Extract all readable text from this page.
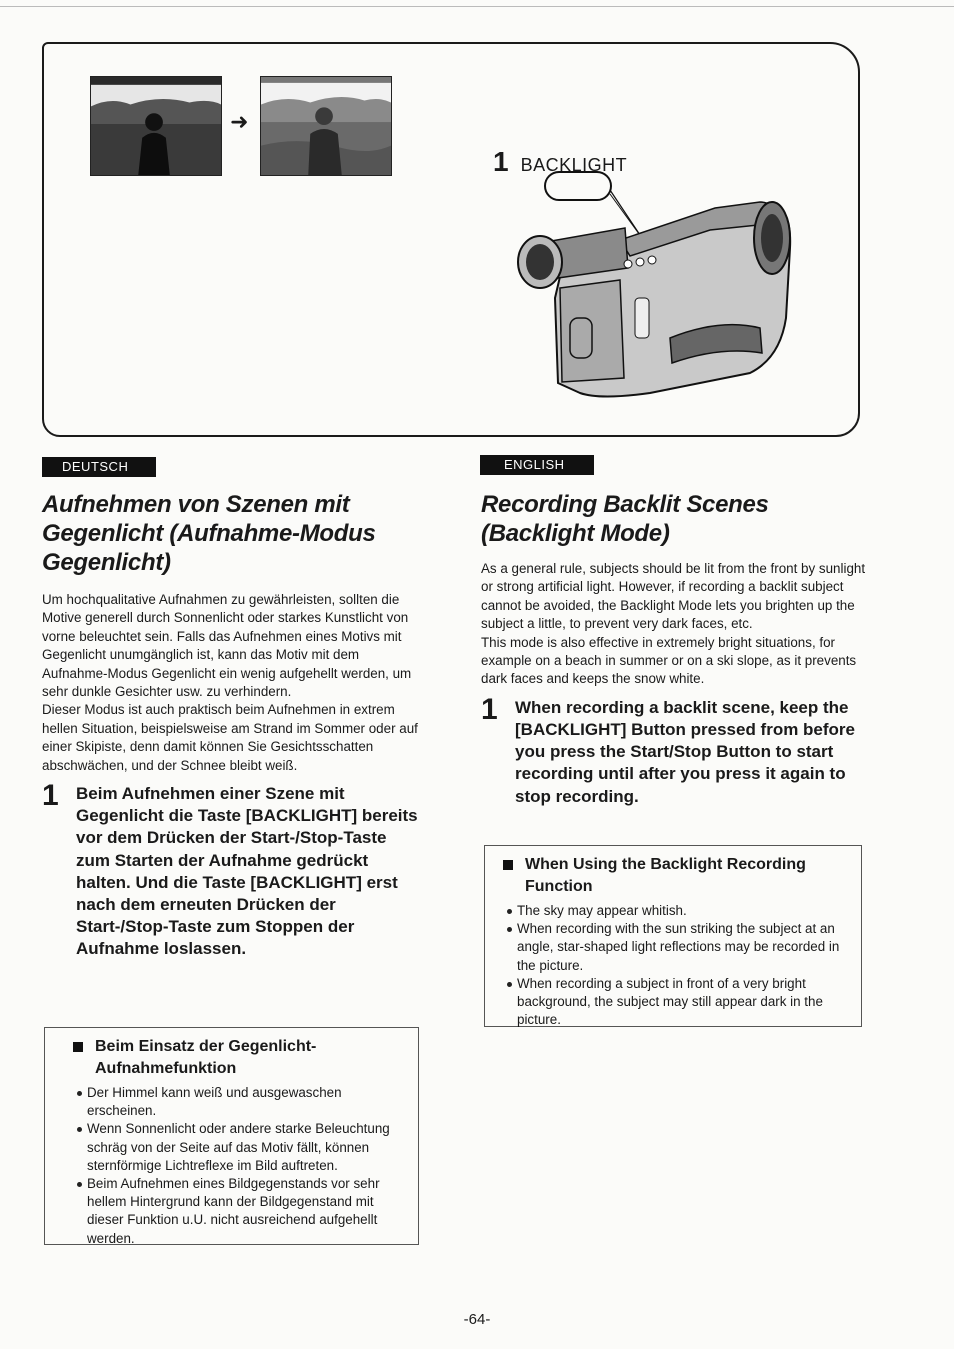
➜
1 BACKLIGHT
DEUTSCH	ENGLISH
Aufnehmen von Szenen mit Gegenlicht (Aufnahme-Modus Gegenlicht)

Um hochqualitative Aufnahmen zu gewährleisten, sollten die Motive generell durch Sonnenlicht oder starkes Kunstlicht von vorne beleuchtet sein. Falls das Aufnehmen eines Motivs mit Gegenlicht unumgänglich ist, kann das Motiv mit dem Aufnahme-Modus Gegenlicht ein wenig aufgehellt werden, um sehr dunkle Gesichter usw. zu verhindern.

Dieser Modus ist auch praktisch beim Aufnehmen in extrem hellen Situation, beispielsweise am Strand im Sommer oder auf einer Skipiste, denn damit können Sie Gesichtsschatten abschwächen, und der Schnee bleibt weiß.

1	Beim Aufnehmen einer Szene mit Gegenlicht die Taste [BACKLIGHT] bereits vor dem Drücken der Start-/Stop-Taste zum Starten der Aufnahme gedrückt halten. Und die Taste [BACKLIGHT] erst nach dem erneuten Drücken der Start-/Stop-Taste zum Stoppen der Aufnahme loslassen.
Beim Einsatz der Gegenlicht-Aufnahmefunktion
Der Himmel kann weiß und ausgewaschen erscheinen.
Wenn Sonnenlicht oder andere starke Beleuchtung schräg von der Seite auf das Motiv fällt, können sternförmige Lichtreflexe im Bild auftreten.
Beim Aufnehmen eines Bildgegenstands vor sehr hellem Hintergrund kann der Bildgegenstand mit dieser Funktion u.U. nicht ausreichend aufgehellt werden.
Recording Backlit Scenes (Backlight Mode)

As a general rule, subjects should be lit from the front by sunlight or strong artificial light. However, if recording a backlit subject cannot be avoided, the Backlight Mode lets you brighten up the subject a little, to prevent very dark faces, etc.

This mode is also effective in extremely bright situations, for example on a beach in summer or on a ski slope, as it prevents dark faces and keeps the snow white.

1	When recording a backlit scene, keep the [BACKLIGHT] Button pressed from before you press the Start/Stop Button to start recording until after you press it again to stop recording.
When Using the Backlight Recording Function
The sky may appear whitish.
When recording with the sun striking the subject at an angle, star-shaped light reflections may be recorded in the picture.
When recording a subject in front of a very bright background, the subject may still appear dark in the picture.
-64-
